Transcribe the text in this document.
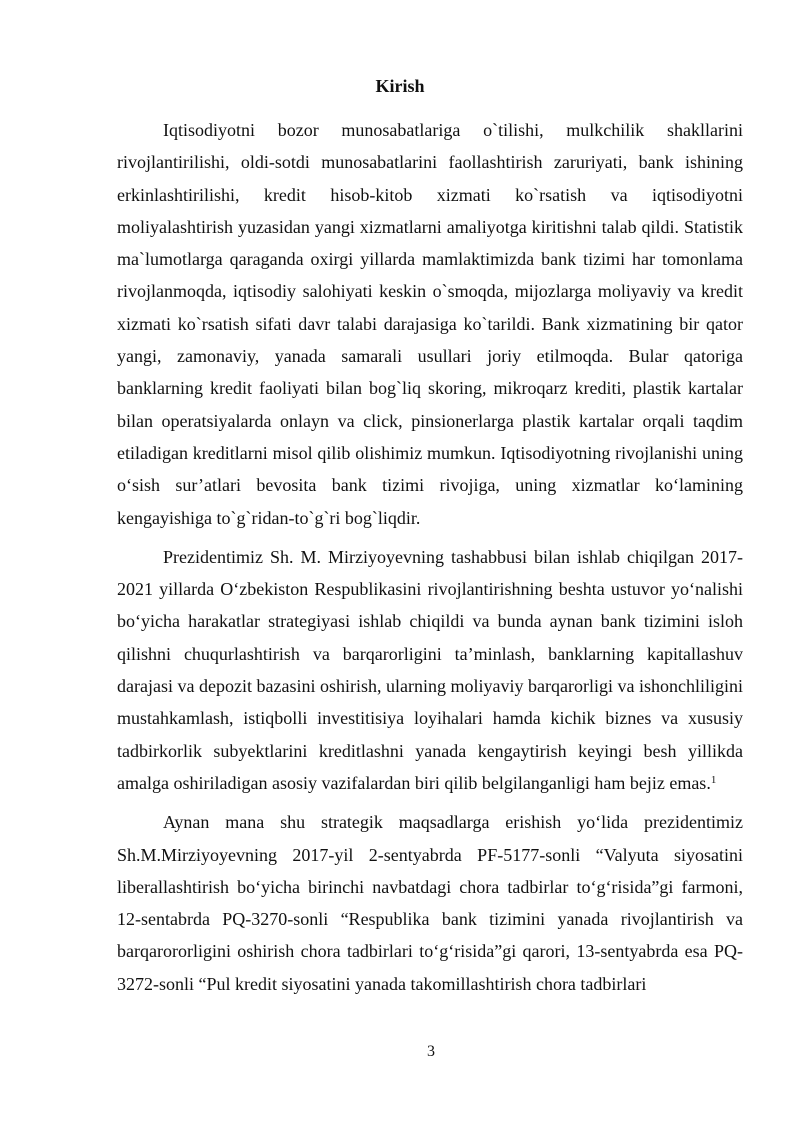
Kirish

Iqtisodiyotni bozor munosabatlariga o`tilishi, mulkchilik shakllarini rivojlantirilishi, oldi-sotdi munosabatlarini faollashtirish zaruriyati, bank ishining erkinlashtirilishi, kredit hisob-kitob xizmati ko`rsatish va iqtisodiyotni moliyalashtirish yuzasidan yangi xizmatlarni amaliyotga kiritishni talab qildi. Statistik ma`lumotlarga qaraganda oxirgi yillarda mamlaktimizda bank tizimi har tomonlama rivojlanmoqda, iqtisodiy salohiyati keskin o`smoqda, mijozlarga moliyaviy va kredit xizmati ko`rsatish sifati davr talabi darajasiga ko`tarildi. Bank xizmatining bir qator yangi, zamonaviy, yanada samarali usullari joriy etilmoqda. Bular qatoriga banklarning kredit faoliyati bilan bog`liq skoring, mikroqarz krediti, plastik kartalar bilan operatsiyalarda onlayn va click, pinsionerlarga plastik kartalar orqali taqdim etiladigan kreditlarni misol qilib olishimiz mumkun. Iqtisodiyotning rivojlanishi uning o‘sish sur’atlari bevosita bank tizimi rivojiga, uning xizmatlar ko‘lamining kengayishiga to`g`ridan-to`g`ri bog`liqdir.

Prezidentimiz Sh. M. Mirziyoyevning tashabbusi bilan ishlab chiqilgan 2017-2021 yillarda O‘zbekiston Respublikasini rivojlantirishning beshta ustuvor yo‘nalishi bo‘yicha harakatlar strategiyasi ishlab chiqildi va bunda aynan bank tizimini isloh qilishni chuqurlashtirish va barqarorligini ta’minlash, banklarning kapitallashuv darajasi va depozit bazasini oshirish, ularning moliyaviy barqarorligi va ishonchliligini mustahkamlash, istiqbolli investitisiya loyihalari hamda kichik biznes va xususiy tadbirkorlik subyektlarini kreditlashni yanada kengaytirish keyingi besh yillikda amalga oshiriladigan asosiy vazifalardan biri qilib belgilanganligi ham bejiz emas.$^1$

Aynan mana shu strategik maqsadlarga erishish yo‘lida prezidentimiz Sh.M.Mirziyoyevning 2017-yil 2-sentyabrda PF-5177-sonli “Valyuta siyosatini liberallashtirish bo‘yicha birinchi navbatdagi chora tadbirlar to‘g‘risida”gi farmoni, 12-sentabrda PQ-3270-sonli “Respublika bank tizimini yanada rivojlantirish va barqarororligini oshirish chora tadbirlari to‘g‘risida”gi qarori, 13-sentyabrda esa PQ-3272-sonli “Pul kredit siyosatini yanada takomillashtirish chora tadbirlari

3
